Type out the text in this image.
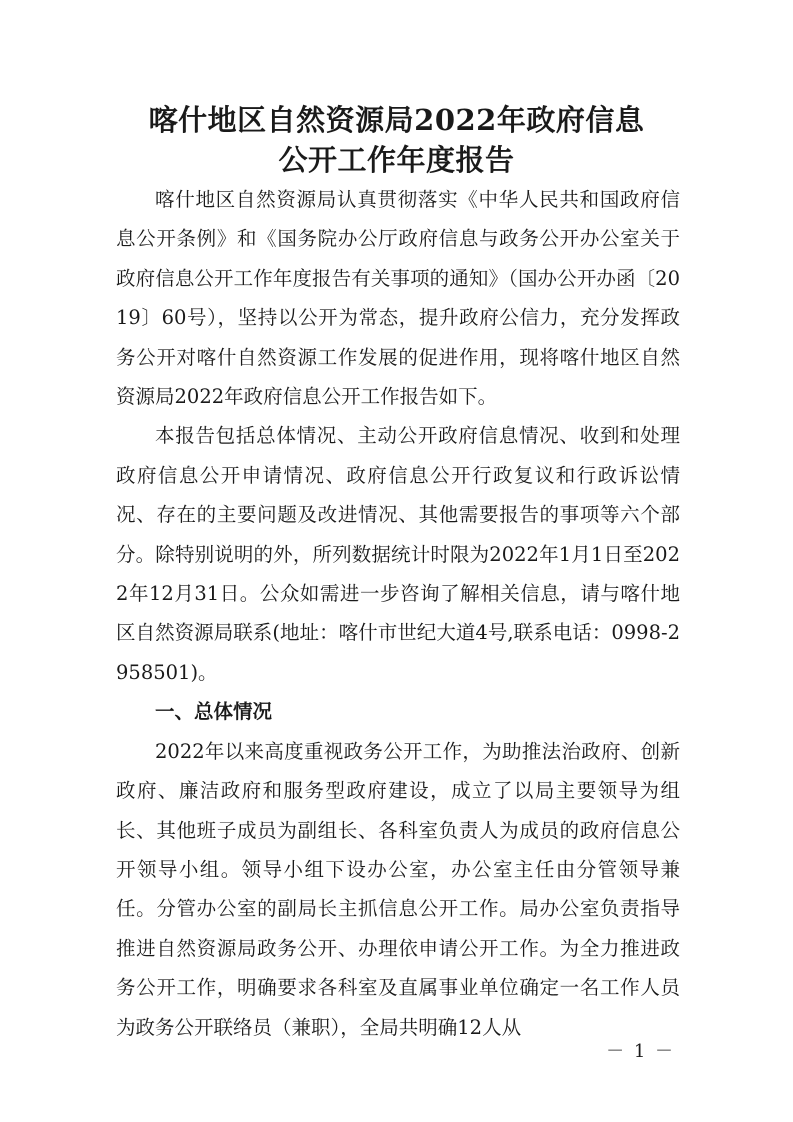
喀什地区自然资源局2022年政府信息
公开工作年度报告

喀什地区自然资源局认真贯彻落实《中华人民共和国政府信息公开条例》和《国务院办公厅政府信息与政务公开办公室关于政府信息公开工作年度报告有关事项的通知》（国办公开办函〔2019〕60号），坚持以公开为常态，提升政府公信力，充分发挥政务公开对喀什自然资源工作发展的促进作用，现将喀什地区自然资源局2022年政府信息公开工作报告如下。

本报告包括总体情况、主动公开政府信息情况、收到和处理政府信息公开申请情况、政府信息公开行政复议和行政诉讼情况、存在的主要问题及改进情况、其他需要报告的事项等六个部分。除特别说明的外，所列数据统计时限为2022年1月1日至2022年12月31日。公众如需进一步咨询了解相关信息，请与喀什地区自然资源局联系(地址：喀什市世纪大道4号,联系电话：0998-2958501)。

一、总体情况

2022年以来高度重视政务公开工作，为助推法治政府、创新政府、廉洁政府和服务型政府建设，成立了以局主要领导为组长、其他班子成员为副组长、各科室负责人为成员的政府信息公开领导小组。领导小组下设办公室，办公室主任由分管领导兼任。分管办公室的副局长主抓信息公开工作。局办公室负责指导推进自然资源局政务公开、办理依申请公开工作。为全力推进政务公开工作，明确要求各科室及直属事业单位确定一名工作人员为政务公开联络员（兼职），全局共明确12人从

－ 1 －
